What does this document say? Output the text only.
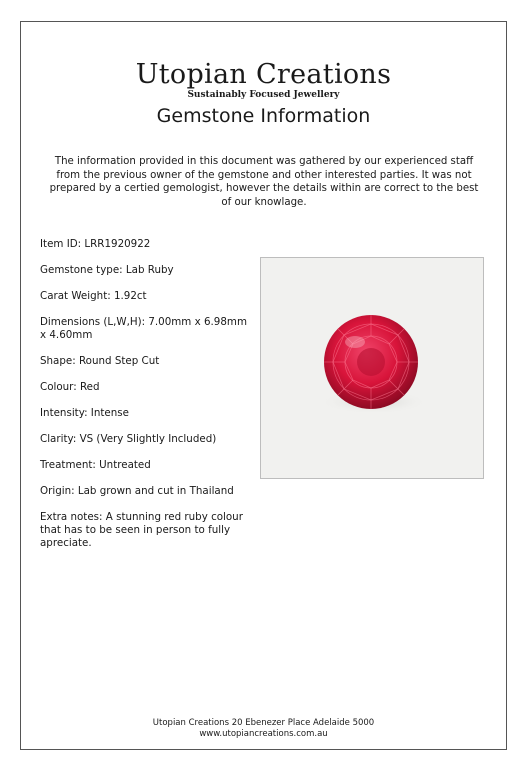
Utopian Creations
Sustainably Focused Jewellery
Gemstone Information
The information provided in this document was gathered by our experienced staff from the previous owner of the gemstone and other interested parties. It was not prepared by a certied gemologist, however the details within are correct to the best of our knowlage.
Item ID: LRR1920922
Gemstone type: Lab Ruby
Carat Weight: 1.92ct
Dimensions (L,W,H): 7.00mm x 6.98mm x 4.60mm
Shape: Round Step Cut
Colour: Red
Intensity: Intense
Clarity: VS (Very Slightly Included)
Treatment: Untreated
Origin: Lab grown and cut in Thailand
Extra notes: A stunning red ruby colour that has to be seen in person to fully apreciate.
Utopian Creations 20 Ebenezer Place Adelaide 5000
www.utopiancreations.com.au
